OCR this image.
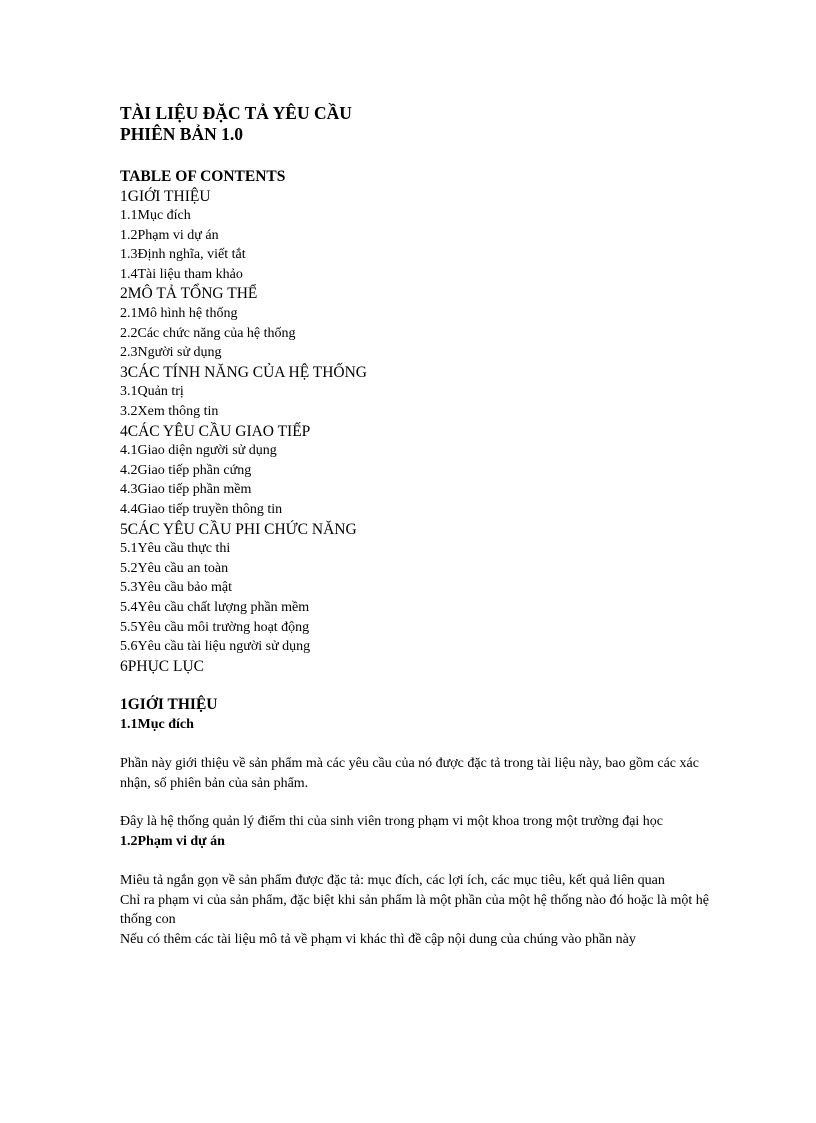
TÀI LIỆU ĐẶC TẢ YÊU CẦU

PHIÊN BẢN 1.0

TABLE OF CONTENTS

1GIỚI THIỆU
1.1Mục đích
1.2Phạm vi dự án
1.3Định nghĩa, viết tắt
1.4Tài liệu tham khảo
2MÔ TẢ TỔNG THỂ
2.1Mô hình hệ thống
2.2Các chức năng của hệ thống
2.3Người sử dụng
3CÁC TÍNH NĂNG CỦA HỆ THỐNG
3.1Quản trị
3.2Xem thông tin
4CÁC YÊU CẦU GIAO TIẾP
4.1Giao diện người sử dụng
4.2Giao tiếp phần cứng
4.3Giao tiếp phần mềm
4.4Giao tiếp truyền thông tin
5CÁC YÊU CẦU PHI CHỨC NĂNG
5.1Yêu cầu thực thi
5.2Yêu cầu an toàn
5.3Yêu cầu bảo mật
5.4Yêu cầu chất lượng phần mềm
5.5Yêu cầu môi trường hoạt động
5.6Yêu cầu tài liệu người sử dụng
6PHỤC LỤC

1GIỚI THIỆU

1.1Mục đích

Phần này giới thiệu về sản phẩm mà các yêu cầu của nó được đặc tả trong tài liệu này, bao gồm các xác nhận, số phiên bản của sản phẩm.

Đây là hệ thống quản lý điểm thi của sinh viên trong phạm vi một khoa trong một trường đại học

1.2Phạm vi dự án

Miêu tả ngắn gọn về sản phẩm được đặc tả: mục đích, các lợi ích, các mục tiêu, kết quả liên quan

Chỉ ra phạm vi của sản phẩm, đặc biệt khi sản phẩm là một phần của một hệ thống nào đó hoặc là một hệ thống con

Nếu có thêm các tài liệu mô tả về phạm vi khác thì đề cập nội dung của chúng vào phần này
